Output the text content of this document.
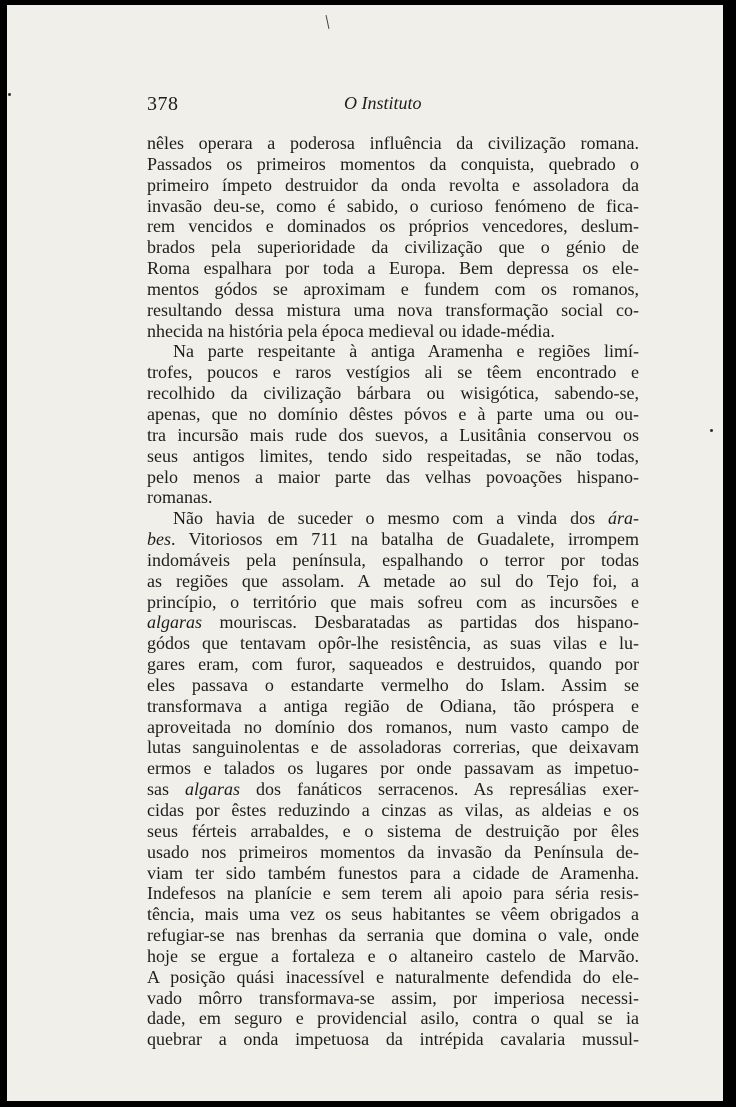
378	O Instituto
nêles operara a poderosa influência da civilização romana.
Passados os primeiros momentos da conquista, quebrado o
primeiro ímpeto destruidor da onda revolta e assoladora da
invasão deu-se, como é sabido, o curioso fenómeno de fica-
rem vencidos e dominados os próprios vencedores, deslum-
brados pela superioridade da civilização que o génio de
Roma espalhara por toda a Europa. Bem depressa os ele-
mentos gódos se aproximam e fundem com os romanos,
resultando dessa mistura uma nova transformação social co-
nhecida na história pela época medieval ou idade-média.
Na parte respeitante à antiga Aramenha e regiões limí-
trofes, poucos e raros vestígios ali se têem encontrado e
recolhido da civilização bárbara ou wisigótica, sabendo-se,
apenas, que no domínio dêstes póvos e à parte uma ou ou-
tra incursão mais rude dos suevos, a Lusitânia conservou os
seus antigos limites, tendo sido respeitadas, se não todas,
pelo menos a maior parte das velhas povoações hispano-
romanas.
Não havia de suceder o mesmo com a vinda dos ára-
bes. Vitoriosos em 711 na batalha de Guadalete, irrompem
indomáveis pela península, espalhando o terror por todas
as regiões que assolam. A metade ao sul do Tejo foi, a
princípio, o território que mais sofreu com as incursões e
algaras mouriscas. Desbaratadas as partidas dos hispano-
gódos que tentavam opôr-lhe resistência, as suas vilas e lu-
gares eram, com furor, saqueados e destruidos, quando por
eles passava o estandarte vermelho do Islam. Assim se
transformava a antiga região de Odiana, tão próspera e
aproveitada no domínio dos romanos, num vasto campo de
lutas sanguinolentas e de assoladoras correrias, que deixavam
ermos e talados os lugares por onde passavam as impetuo-
sas algaras dos fanáticos serracenos. As represálias exer-
cidas por êstes reduzindo a cinzas as vilas, as aldeias e os
seus férteis arrabaldes, e o sistema de destruição por êles
usado nos primeiros momentos da invasão da Península de-
viam ter sido também funestos para a cidade de Aramenha.
Indefesos na planície e sem terem ali apoio para séria resis-
tência, mais uma vez os seus habitantes se vêem obrigados a
refugiar-se nas brenhas da serrania que domina o vale, onde
hoje se ergue a fortaleza e o altaneiro castelo de Marvão.
A posição quási inacessível e naturalmente defendida do ele-
vado môrro transformava-se assim, por imperiosa necessi-
dade, em seguro e providencial asilo, contra o qual se ia
quebrar a onda impetuosa da intrépida cavalaria mussul-
